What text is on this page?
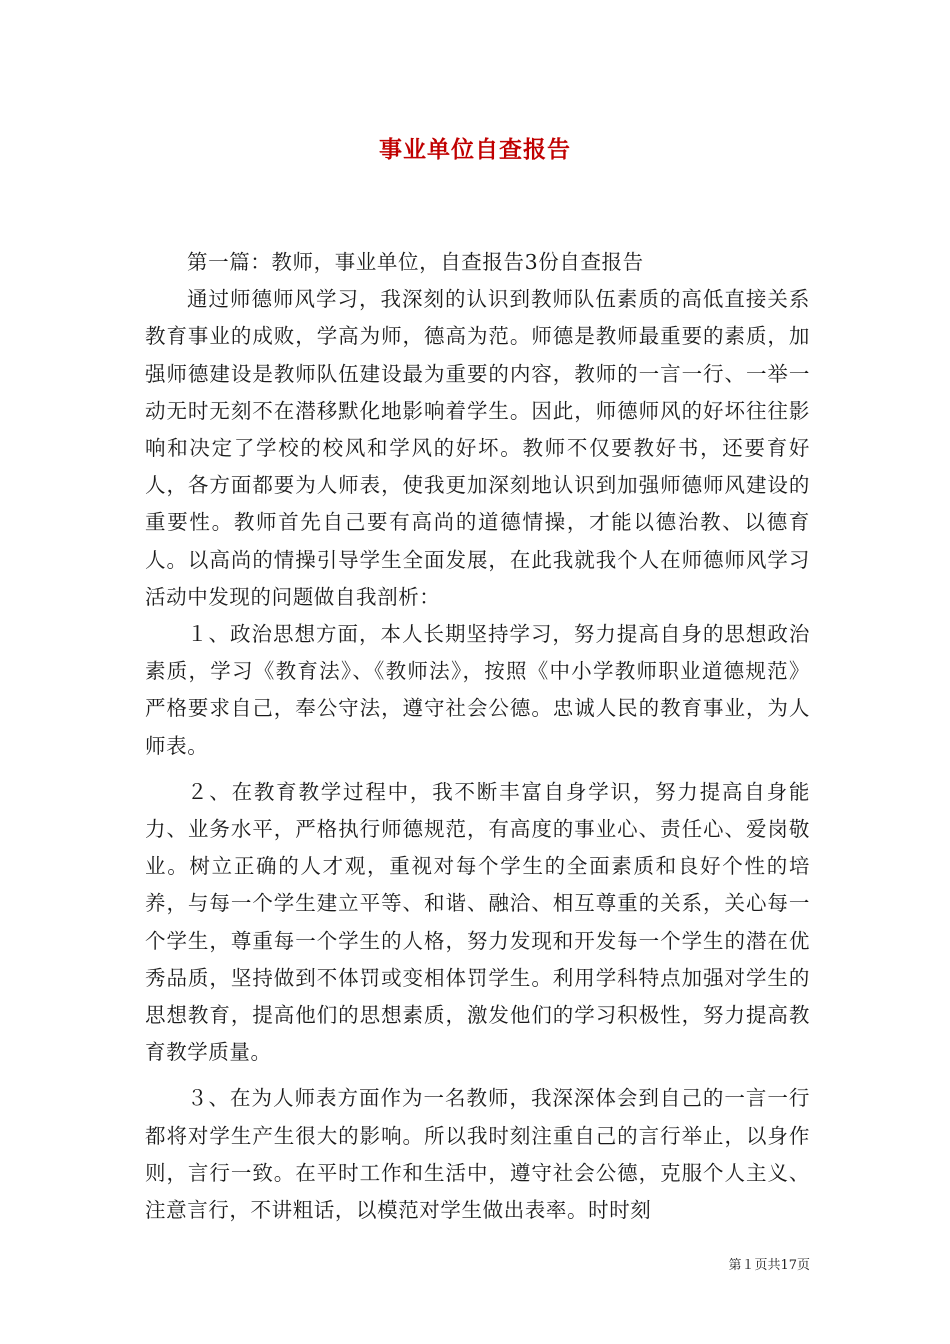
事业单位自查报告

第一篇：教师，事业单位，自查报告3份自查报告

通过师德师风学习，我深刻的认识到教师队伍素质的高低直接关系教育事业的成败，学高为师，德高为范。师德是教师最重要的素质，加强师德建设是教师队伍建设最为重要的内容，教师的一言一行、一举一动无时无刻不在潜移默化地影响着学生。因此，师德师风的好坏往往影响和决定了学校的校风和学风的好坏。教师不仅要教好书，还要育好人，各方面都要为人师表，使我更加深刻地认识到加强师德师风建设的重要性。教师首先自己要有高尚的道德情操，才能以德治教、以德育人。以高尚的情操引导学生全面发展，在此我就我个人在师德师风学习活动中发现的问题做自我剖析：

１、政治思想方面，本人长期坚持学习，努力提高自身的思想政治素质，学习《教育法》、《教师法》，按照《中小学教师职业道德规范》严格要求自己，奉公守法，遵守社会公德。忠诚人民的教育事业，为人师表。

２、在教育教学过程中，我不断丰富自身学识，努力提高自身能力、业务水平，严格执行师德规范，有高度的事业心、责任心、爱岗敬业。树立正确的人才观，重视对每个学生的全面素质和良好个性的培养，与每一个学生建立平等、和谐、融洽、相互尊重的关系，关心每一个学生，尊重每一个学生的人格，努力发现和开发每一个学生的潜在优秀品质，坚持做到不体罚或变相体罚学生。利用学科特点加强对学生的思想教育，提高他们的思想素质，激发他们的学习积极性，努力提高教育教学质量。

３、在为人师表方面作为一名教师，我深深体会到自己的一言一行都将对学生产生很大的影响。所以我时刻注重自己的言行举止，以身作则，言行一致。在平时工作和生活中，遵守社会公德，克服个人主义、注意言行，不讲粗话，以模范对学生做出表率。时时刻

第１页共17页
